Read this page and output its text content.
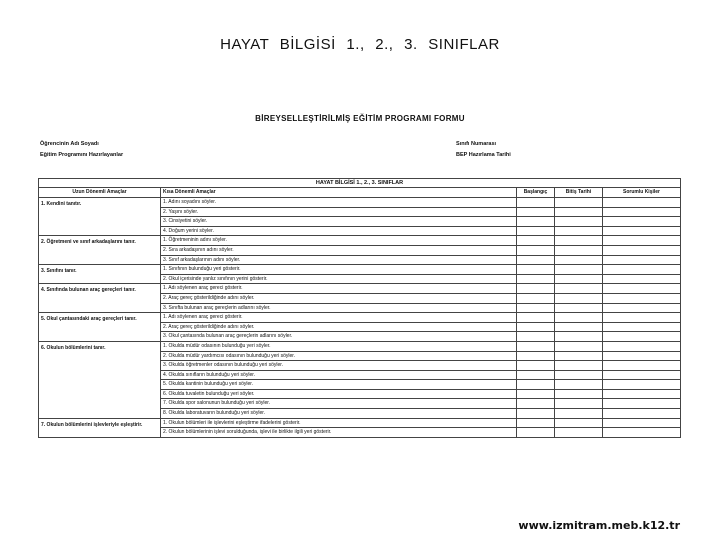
HAYAT BİLGİSİ 1., 2., 3. SINIFLAR
BİREYSELLEŞTİRİLMİŞ EĞİTİM PROGRAMI FORMU
Öğrencinin Adı Soyadı
Eğitim Programını Hazırlayanlar
Sınıfı Numarası
BEP Hazırlama Tarihi
HAYAT BİLGİSİ 1., 2., 3. SINIFLAR				
Uzun Dönemli Amaçlar	Kısa Dönemli Amaçlar	Başlangıç	Bitiş Tarihi	Sorumlu Kişiler
1. Kendini tanıtır.	1. Adını soyadını söyler.			
	2. Yaşını söyler.			
	3. Cinsiyetini söyler.			
	4. Doğum yerini söyler.			
2. Öğretmeni ve sınıf arkadaşlarını tanır.	1. Öğretmeninin adını söyler.			
	2. Sıra arkadaşının adını söyler.			
	3. Sınıf arkadaşlarının adını söyler.			
3. Sınıfını tanır.	1. Sınıfının bulunduğu yeri gösterir.			
	2. Okul içerisinde yanlız sınıfının yerini gösterir.			
4. Sınıfında bulunan araç gereçleri tanır.	1. Adı söylenen araç gereci gösterir.			
	2. Araç gereç gösterildiğinde adını söyler.			
	3. Sınıfta bulunan araç gereçlerin adlarını söyler.			
5. Okul çantasındaki araç gereçleri tanır.	1. Adı söylenen araç gereci gösterir.			
	2. Araç gereç gösterildiğinde adını söyler.			
	3. Okul çantasında bulunan araç gereçlerin adlarını söyler.			
6. Okulun bölümlerini tanır.	1. Okulda müdür odasının bulunduğu yeri söyler.			
	2. Okulda müdür yardımcısı odasının bulunduğu yeri söyler.			
	3. Okulda öğretmenler odasının bulunduğu yeri söyler.			
	4. Okulda sınıfların bulunduğu yeri söyler.			
	5. Okulda kantinin bulunduğu yeri söyler.			
	6. Okulda tuvaletin bulunduğu yeri söyler.			
	7. Okulda spor salonunun bulunduğu yeri söyler.			
	8. Okulda laboratuvarın bulunduğu yeri söyler.			
7. Okulun bölümlerini işlevleriyle eşleştirir.	1. Okulun bölümleri ile işlevlerini eşleştirme ifadelerini gösterir.			
	2. Okulun bölümlerinin işlevi sorulduğunda, işlevi ile birlikte ilgili yeri gösterir.			
www.izmitram.meb.k12.tr
